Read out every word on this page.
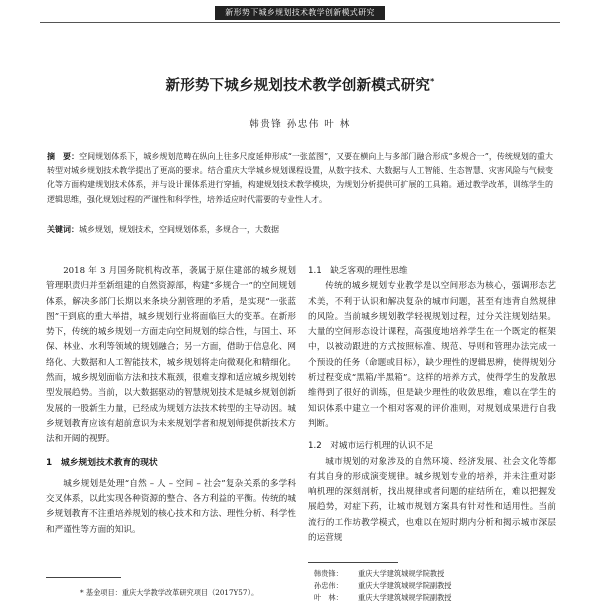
新形势下城乡规划技术教学创新模式研究
新形势下城乡规划技术教学创新模式研究*
韩贵锋 孙忠伟 叶 林
摘　要：空间规划体系下，城乡规划范畴在纵向上往多尺度延伸形成“一张蓝图”，又要在横向上与多部门融合形成“多规合一”，传统规划的重大转型对城乡规划技术教学提出了更高的要求。结合重庆大学城乡规划课程设置，从数字技术、大数据与人工智能、生态智慧、灾害风险与气候变化等方面构建规划技术体系，并与设计课体系进行穿插，构建规划技术教学模块，为规划分析提供可扩展的工具箱。通过教学改革，训练学生的逻辑思维，强化规划过程的严谨性和科学性，培养适应时代需要的专业性人才。
关键词：城乡规划，规划技术，空间规划体系，多规合一，大数据

2018 年 3 月国务院机构改革，袭属于原住建部的城乡规划管理职责归并至新组建的自然资源部，构建“多规合一”的空间规划体系，解决多部门长期以来条块分割管理的矛盾，是实现“一张蓝图”干到底的重大举措，城乡规划行业将面临巨大的变革。在新形势下，传统的城乡规划一方面走向空间规划的综合性，与国土、环保、林业、水利等领域的规划融合；另一方面，借助于信息化、网络化、大数据和人工智能技术，城乡规划将走向微观化和精细化。然而，城乡规划面临方法和技术瓶颈，很难支撑和适应城乡规划转型发展趋势。当前，以大数据驱动的智慧规划技术是城乡规划创新发展的一股新生力量，已经成为规划方法技术转型的主导动因。城乡规划教育应该有超前意识为未来规划学者和规划师提供新技术方法和开阔的视野。

1　城乡规划技术教育的现状

城乡规划是处理“自然 – 人 – 空间 – 社会”复杂关系的多学科交叉体系，以此实现各种资源的整合、各方利益的平衡。传统的城乡规划教育不注重培养规划的核心技术和方法、理性分析、科学性和严谨性等方面的知识。

1.1　缺乏客观的理性思维

传统的城乡规划专业教学是以空间形态为核心，强调形态艺术美，不利于认识和解决复杂的城市问题，甚至有违背自然规律的风险。当前城乡规划教学轻视规划过程，过分关注规划结果。大量的空间形态设计课程，高强度地培养学生在一个既定的框架中，以被动跟进的方式按照标准、规范、导则和管理办法完成一个预设的任务（命题或目标），缺少理性的逻辑思辨，使得规划分析过程变成“黑箱/半黑箱”。这样的培养方式，使得学生的发散思维得到了很好的训练，但是缺少理性的收敛思维，难以在学生的知识体系中建立一个相对客观的评价准则，对规划成果进行自我判断。

1.2　对城市运行机理的认识不足

城市规划的对象涉及的自然环境、经济发展、社会文化等都有其自身的形成演变规律。城乡规划专业的培养，并未注重对影响机理的深刻剖析，找出规律或者问题的症结所在，难以把握发展趋势，对症下药，让城市规划方案具有针对性和适用性。当前流行的工作坊教学模式，也难以在短时期内分析和揭示城市深层的运营规

韩贵锋： 重庆大学建筑城规学院教授
孙忠伟： 重庆大学建筑城规学院副教授
叶　林： 重庆大学建筑城规学院副教授
* 基金项目：重庆大学教学改革研究项目（2017Y57）。
